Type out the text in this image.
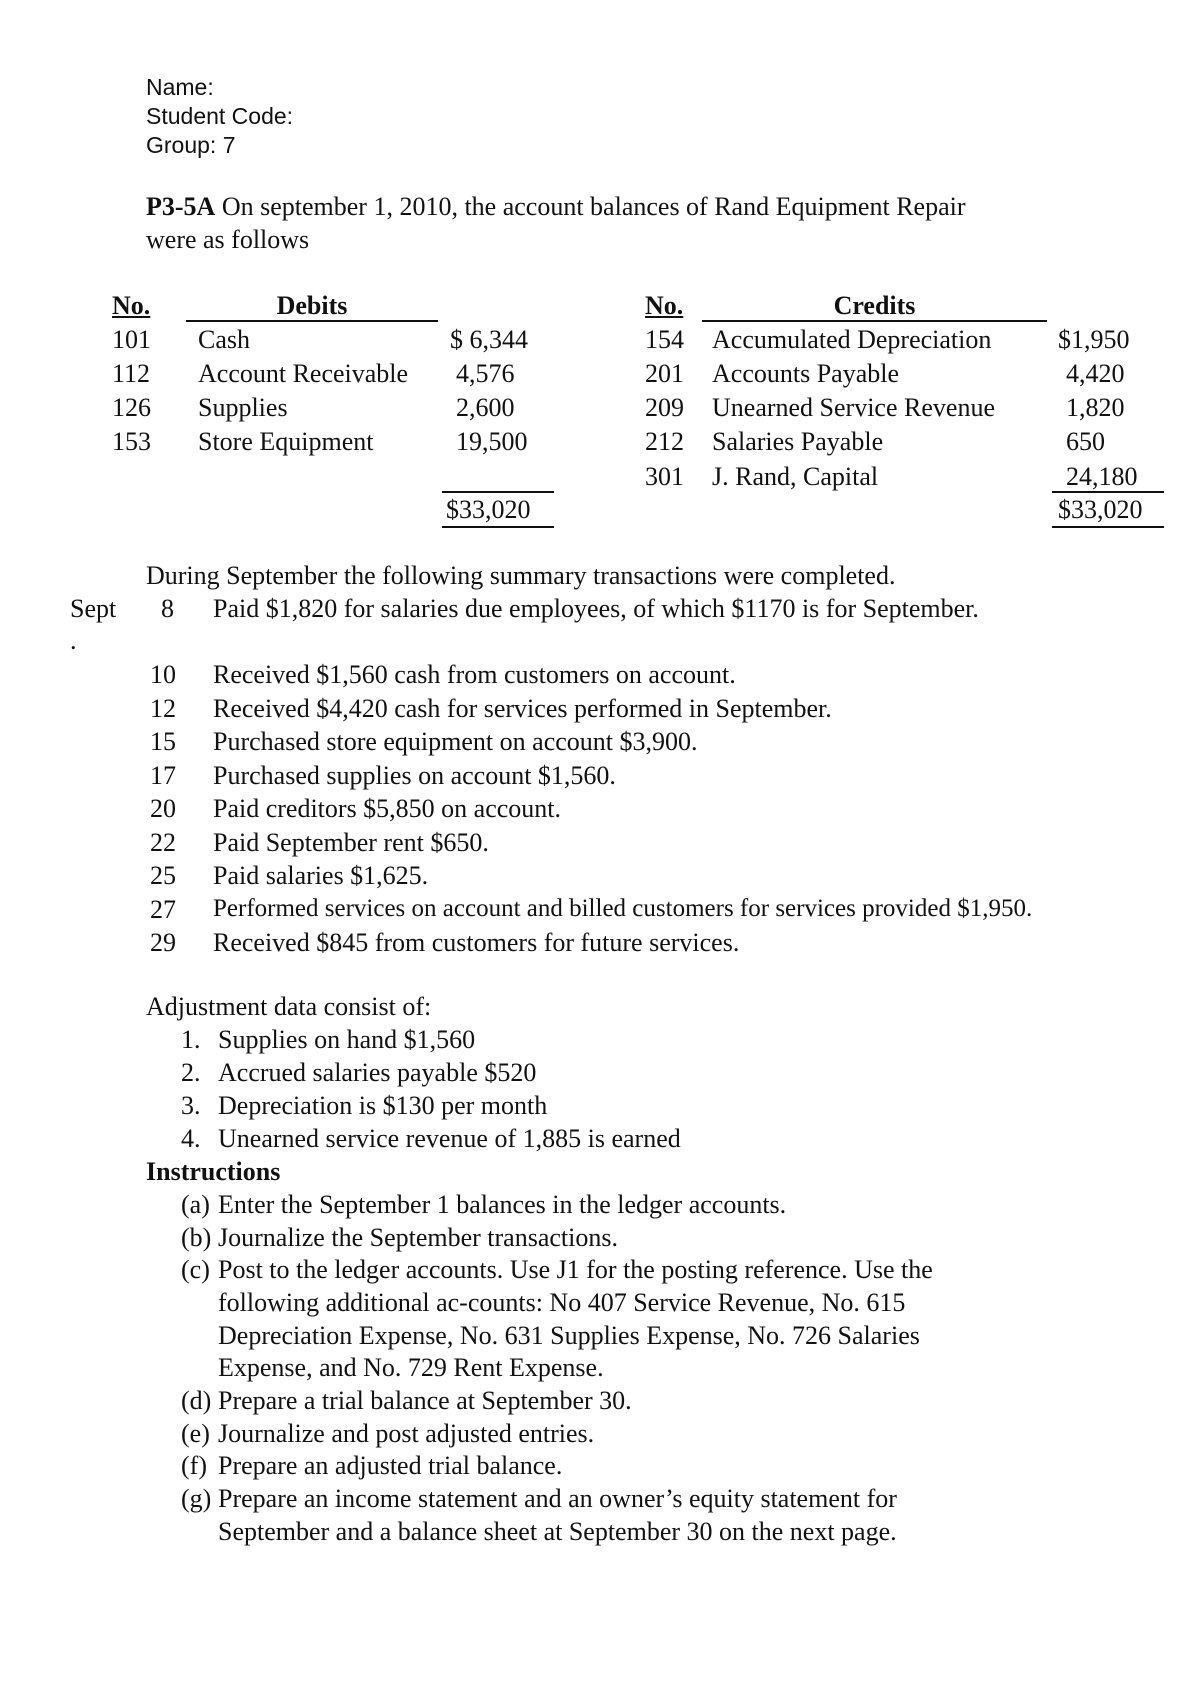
Name:
Student Code:
Group: 7
P3-5A On september 1, 2010, the account balances of Rand Equipment Repair
were as follows
No.	Debits	No.	Credits
101 Cash	$ 6,344
112 Account Receivable 4,576
126 Supplies	2,600
153 Store Equipment	19,500
154 Accumulated Depreciation	$1,950
201 Accounts Payable	4,420
209 Unearned Service Revenue	1,820
212 Salaries Payable	650
301 J. Rand, Capital	24,180
$33,020	$33,020
During September the following summary transactions were completed.
Sept
.
8 Paid $1,820 for salaries due employees, of which $1170 is for September.
10 Received $1,560 cash from customers on account.
12 Received $4,420 cash for services performed in September.
15 Purchased store equipment on account $3,900.
17 Purchased supplies on account $1,560.
20 Paid creditors $5,850 on account.
22 Paid September rent $650.
25 Paid salaries $1,625.
27 Performed services on account and billed customers for services provided $1,950.
29 Received $845 from customers for future services.
Adjustment data consist of:
1. Supplies on hand $1,560
2. Accrued salaries payable $520
3. Depreciation is $130 per month
4. Unearned service revenue of 1,885 is earned
Instructions
(a) Enter the September 1 balances in the ledger accounts.
(b) Journalize the September transactions.
(c) Post to the ledger accounts. Use J1 for the posting reference. Use the
following additional ac-counts: No 407 Service Revenue, No. 615
Depreciation Expense, No. 631 Supplies Expense, No. 726 Salaries
Expense, and No. 729 Rent Expense.
(d) Prepare a trial balance at September 30.
(e) Journalize and post adjusted entries.
(f) Prepare an adjusted trial balance.
(g) Prepare an income statement and an owner’s equity statement for
September and a balance sheet at September 30 on the next page.
